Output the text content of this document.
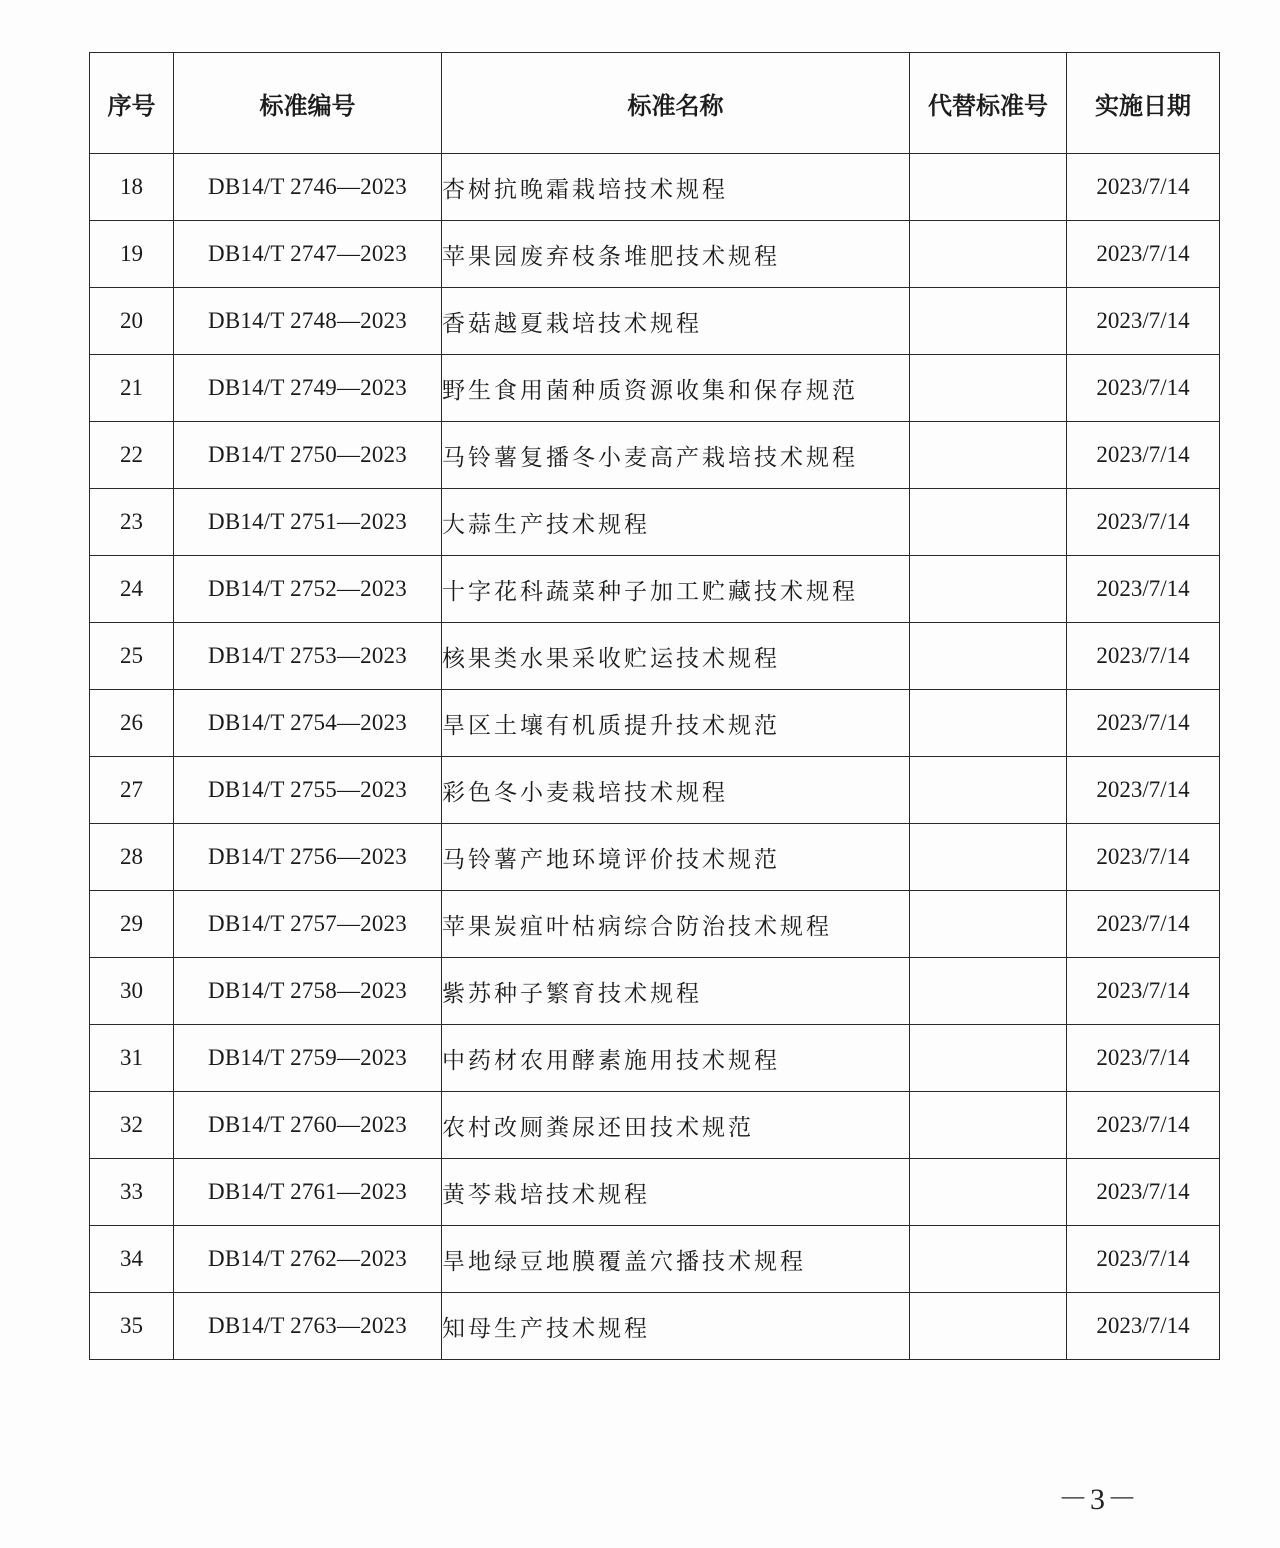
序号	标准编号	标准名称	代替标准号	实施日期
18	DB14/T 2746—2023	杏树抗晚霜栽培技术规程		2023/7/14
19	DB14/T 2747—2023	苹果园废弃枝条堆肥技术规程		2023/7/14
20	DB14/T 2748—2023	香菇越夏栽培技术规程		2023/7/14
21	DB14/T 2749—2023	野生食用菌种质资源收集和保存规范		2023/7/14
22	DB14/T 2750—2023	马铃薯复播冬小麦高产栽培技术规程		2023/7/14
23	DB14/T 2751—2023	大蒜生产技术规程		2023/7/14
24	DB14/T 2752—2023	十字花科蔬菜种子加工贮藏技术规程		2023/7/14
25	DB14/T 2753—2023	核果类水果采收贮运技术规程		2023/7/14
26	DB14/T 2754—2023	旱区土壤有机质提升技术规范		2023/7/14
27	DB14/T 2755—2023	彩色冬小麦栽培技术规程		2023/7/14
28	DB14/T 2756—2023	马铃薯产地环境评价技术规范		2023/7/14
29	DB14/T 2757—2023	苹果炭疽叶枯病综合防治技术规程		2023/7/14
30	DB14/T 2758—2023	紫苏种子繁育技术规程		2023/7/14
31	DB14/T 2759—2023	中药材农用酵素施用技术规程		2023/7/14
32	DB14/T 2760—2023	农村改厕粪尿还田技术规范		2023/7/14
33	DB14/T 2761—2023	黄芩栽培技术规程		2023/7/14
34	DB14/T 2762—2023	旱地绿豆地膜覆盖穴播技术规程		2023/7/14
35	DB14/T 2763—2023	知母生产技术规程		2023/7/14
－3－
